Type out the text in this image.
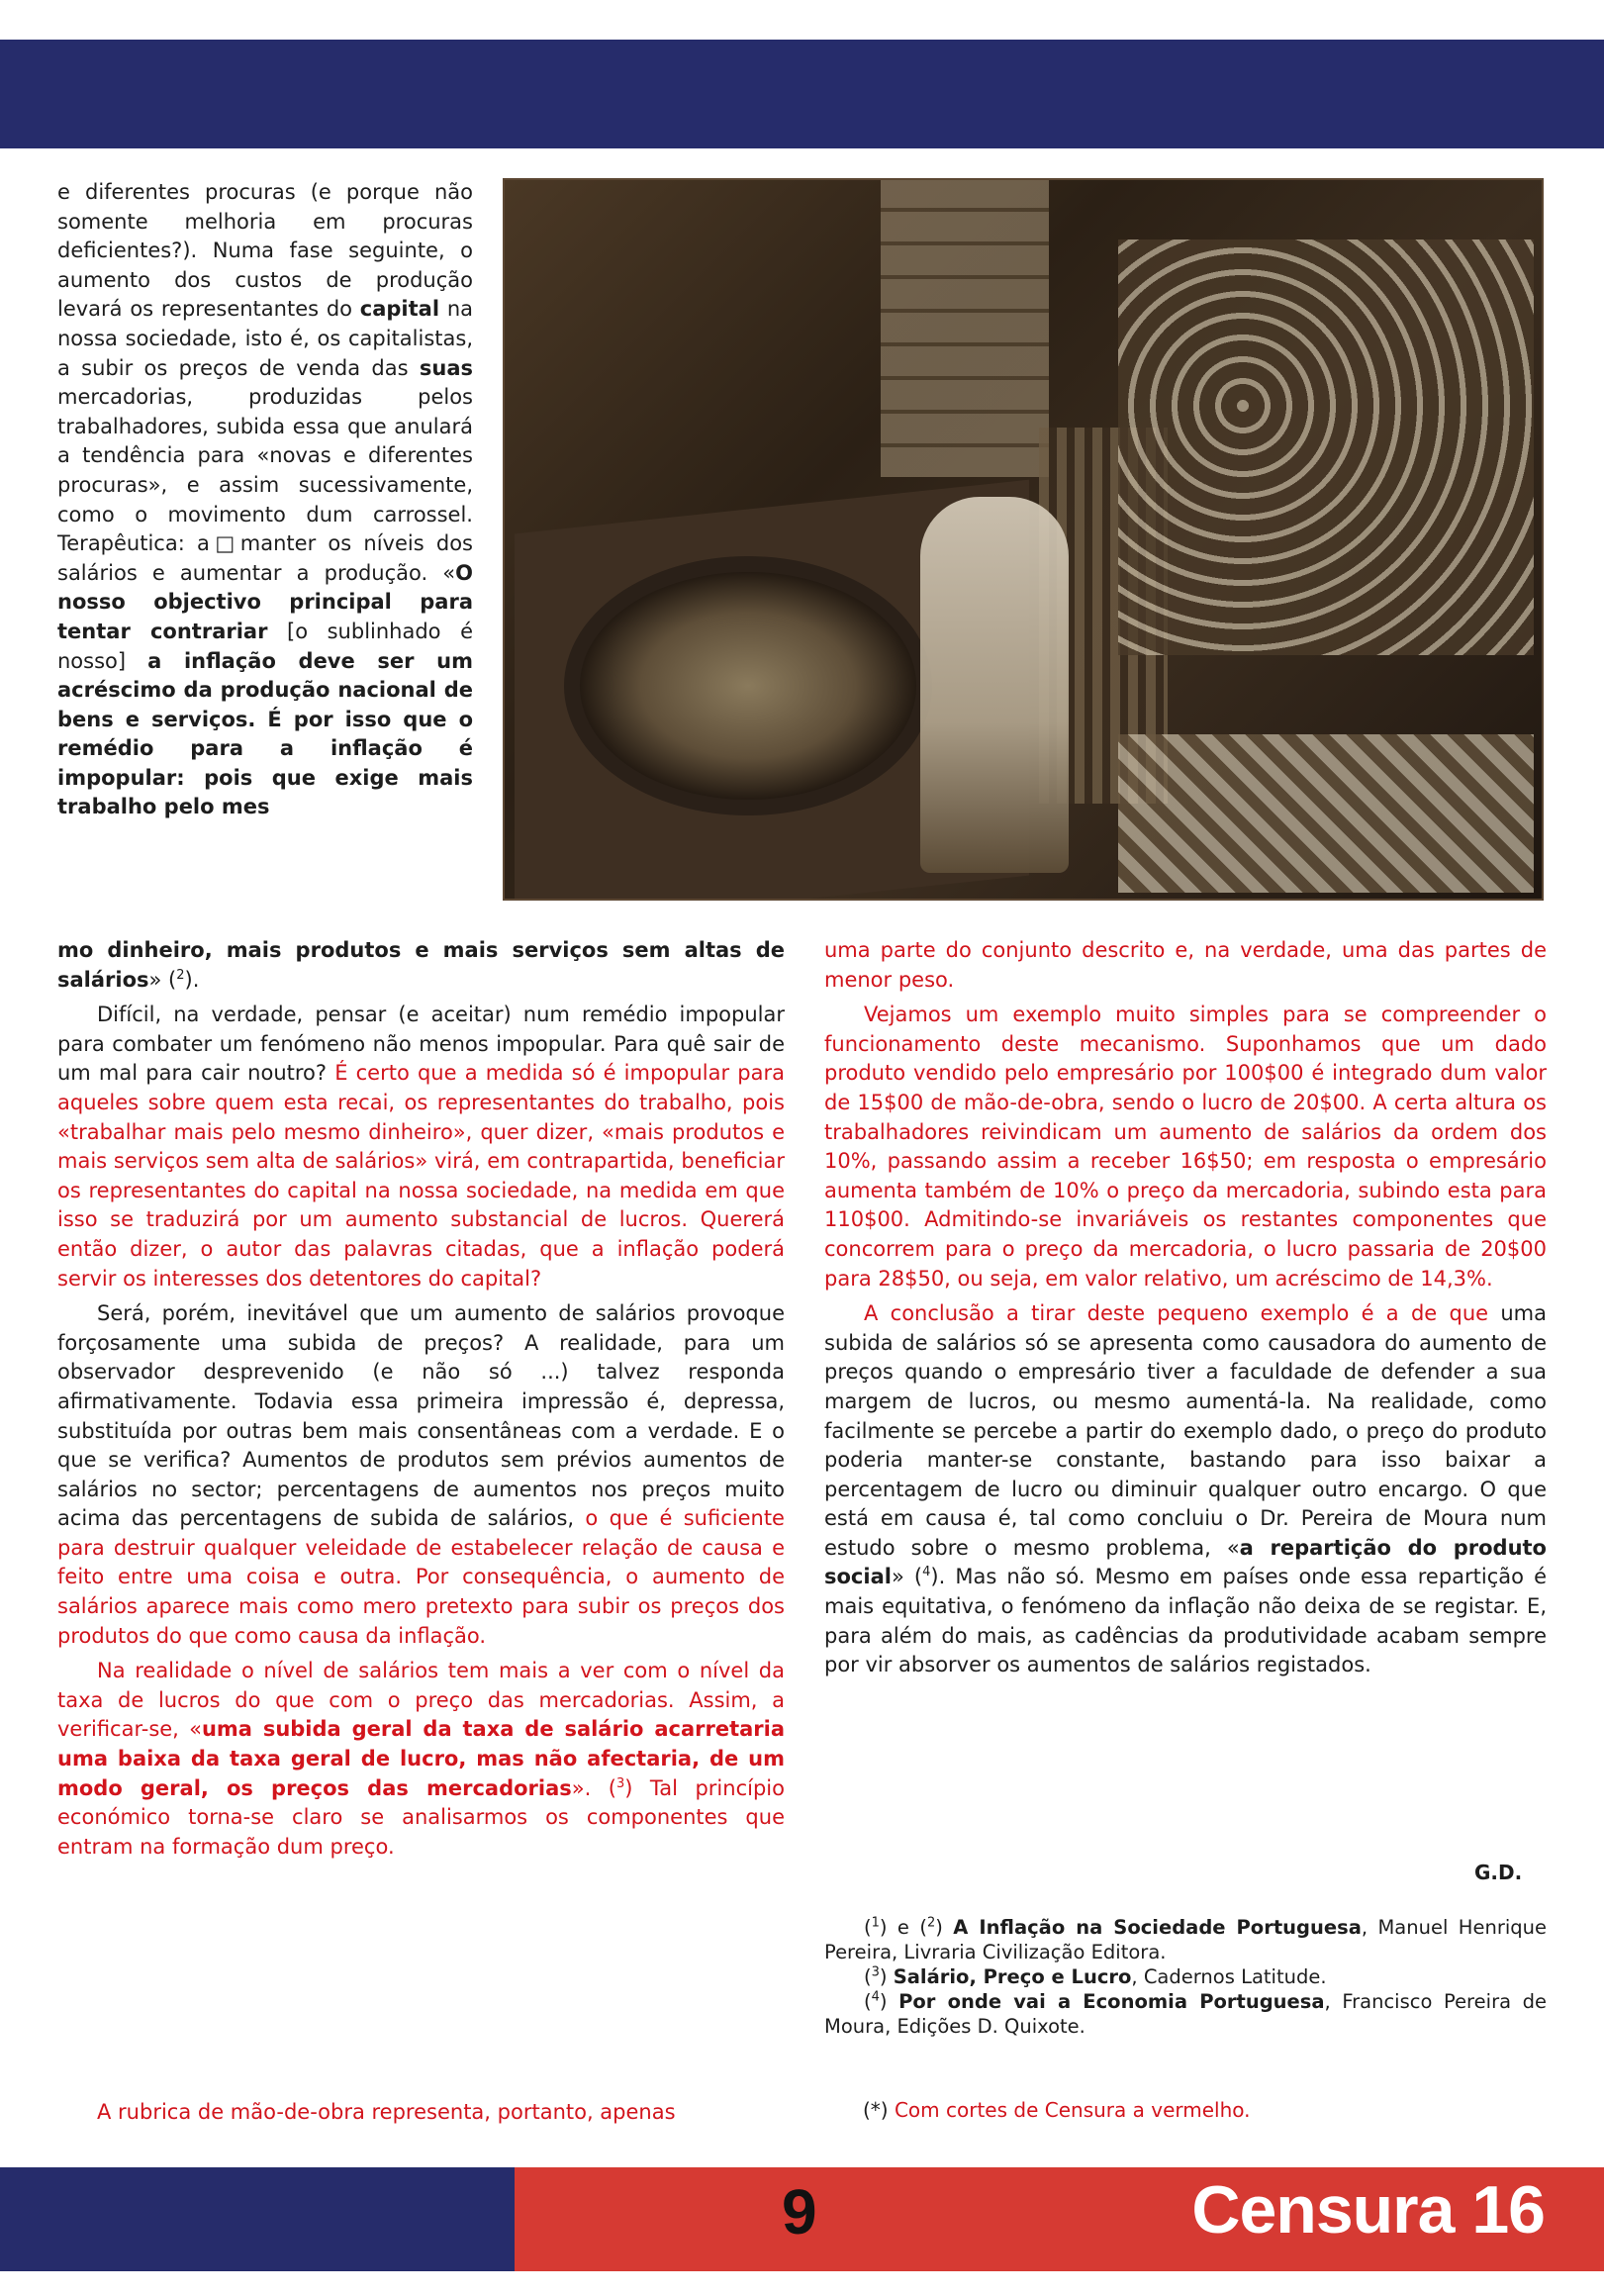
e diferentes procuras (e porque não somente melhoria em procuras deficientes?). Numa fase seguinte, o aumento dos custos de produção levará os representantes do capital na nossa sociedade, isto é, os capitalistas, a subir os preços de venda das suas mercadorias, produzidas pelos trabalhadores, subida essa que anulará a tendência para «novas e diferentes procuras», e assim sucessivamente, como o movimento dum carrossel. Terapêutica: a□manter os níveis dos salários e aumentar a produção. «O nosso objectivo principal para tentar contrariar [o sublinhado é nosso] a inflação deve ser um acréscimo da produção nacional de bens e serviços. É por isso que o remédio para a inflação é impopular: pois que exige mais trabalho pelo mes

mo dinheiro, mais produtos e mais serviços sem altas de salários» ($^2$).

Difícil, na verdade, pensar (e aceitar) num remédio impopular para combater um fenómeno não menos impopular. Para quê sair de um mal para cair noutro? É certo que a medida só é impopular para aqueles sobre quem esta recai, os representantes do trabalho, pois «trabalhar mais pelo mesmo dinheiro», quer dizer, «mais produtos e mais serviços sem alta de salários» virá, em contrapartida, beneficiar os representantes do capital na nossa sociedade, na medida em que isso se traduzirá por um aumento substancial de lucros. Quererá então dizer, o autor das palavras citadas, que a inflação poderá servir os interesses dos detentores do capital?

Será, porém, inevitável que um aumento de salários provoque forçosamente uma subida de preços? A realidade, para um observador desprevenido (e não só ...) talvez responda afirmativamente. Todavia essa primeira impressão é, depressa, substituída por outras bem mais consentâneas com a verdade. E o que se verifica? Aumentos de produtos sem prévios aumentos de salários no sector; percentagens de aumentos nos preços muito acima das percentagens de subida de salários, o que é suficiente para destruir qualquer veleidade de estabelecer relação de causa e feito entre uma coisa e outra. Por consequência, o aumento de salários aparece mais como mero pretexto para subir os preços dos produtos do que como causa da inflação.

Na realidade o nível de salários tem mais a ver com o nível da taxa de lucros do que com o preço das mercadorias. Assim, a verificar-se, «uma subida geral da taxa de salário acarretaria uma baixa da taxa geral de lucro, mas não afectaria, de um modo geral, os preços das mercadorias». ($^3$) Tal princípio económico torna-se claro se analisarmos os componentes que entram na formação dum preço.

A rubrica de mão-de-obra representa, portanto, apenas

uma parte do conjunto descrito e, na verdade, uma das partes de menor peso.

Vejamos um exemplo muito simples para se compreender o funcionamento deste mecanismo. Suponhamos que um dado produto vendido pelo empresário por 100$00 é integrado dum valor de 15$00 de mão-de-obra, sendo o lucro de 20$00. A certa altura os trabalhadores reivindicam um aumento de salários da ordem dos 10%, passando assim a receber 16$50; em resposta o empresário aumenta também de 10% o preço da mercadoria, subindo esta para 110$00. Admitindo-se invariáveis os restantes componentes que concorrem para o preço da mercadoria, o lucro passaria de 20$00 para 28$50, ou seja, em valor relativo, um acréscimo de 14,3%.

A conclusão a tirar deste pequeno exemplo é a de que uma subida de salários só se apresenta como causadora do aumento de preços quando o empresário tiver a faculdade de defender a sua margem de lucros, ou mesmo aumentá-la. Na realidade, como facilmente se percebe a partir do exemplo dado, o preço do produto poderia manter-se constante, bastando para isso baixar a percentagem de lucro ou diminuir qualquer outro encargo. O que está em causa é, tal como concluiu o Dr. Pereira de Moura num estudo sobre o mesmo problema, «a repartição do produto social» ($^4$). Mas não só. Mesmo em países onde essa repartição é mais equitativa, o fenómeno da inflação não deixa de se registar. E, para além do mais, as cadências da produtividade acabam sempre por vir absorver os aumentos de salários registados.

G.D.

($^1$) e ($^2$) A Inflação na Sociedade Portuguesa, Manuel Henrique Pereira, Livraria Civilização Editora.

($^3$) Salário, Preço e Lucro, Cadernos Latitude.

($^4$) Por onde vai a Economia Portuguesa, Francisco Pereira de Moura, Edições D. Quixote.

(*) Com cortes de Censura a vermelho.
9	Censura 16
